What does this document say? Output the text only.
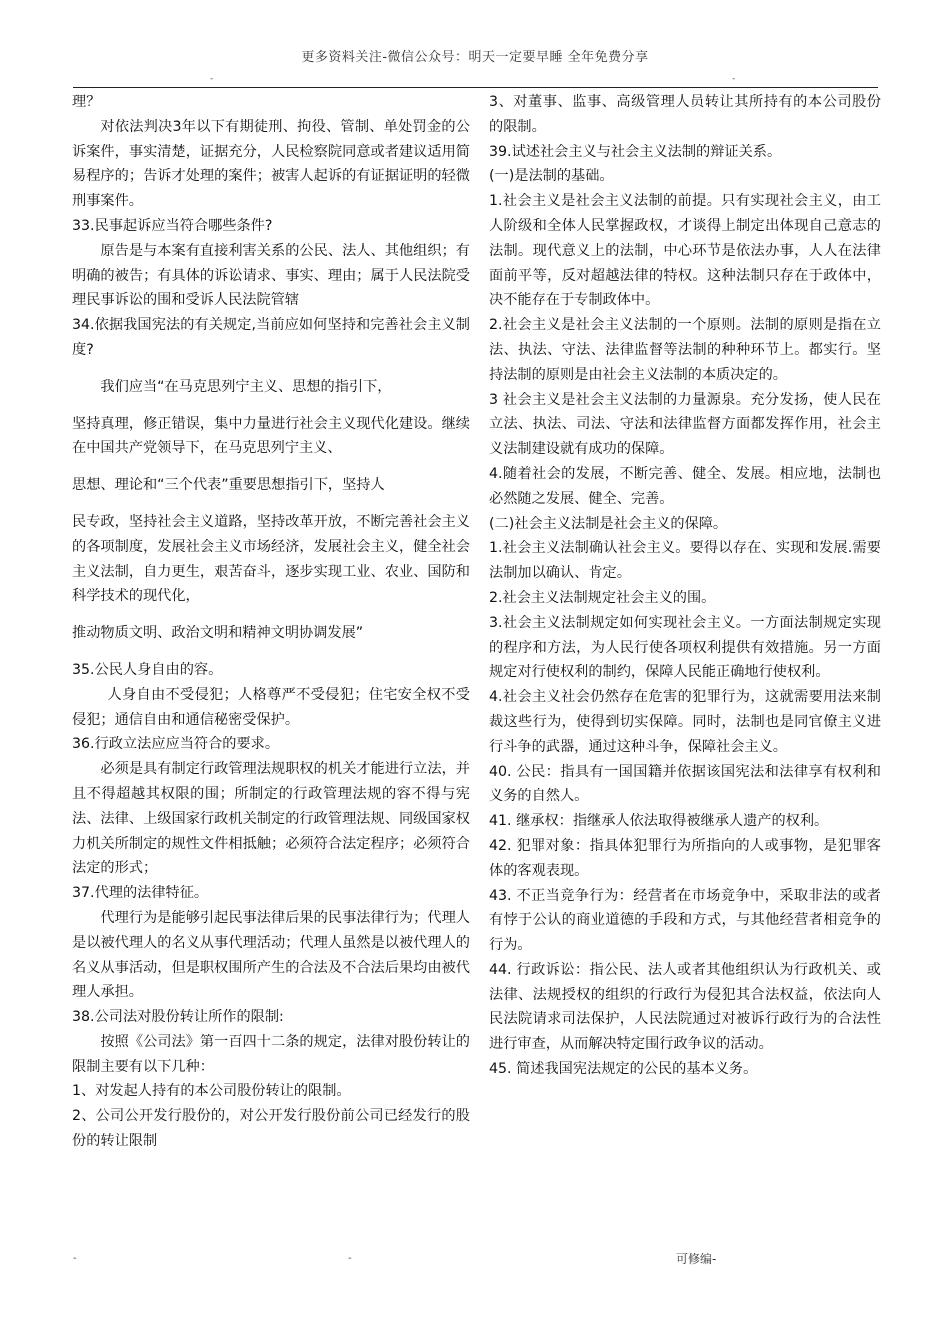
更多资料关注-微信公众号：明天一定要早睡 全年免费分享
-	-

理？

对依法判决3年以下有期徒刑、拘役、管制、单处罚金的公诉案件，事实清楚，证据充分，人民检察院同意或者建议适用简易程序的；告诉才处理的案件；被害人起诉的有证据证明的轻微刑事案件。

33.民事起诉应当符合哪些条件?

原告是与本案有直接利害关系的公民、法人、其他组织；有明确的被告；有具体的诉讼请求、事实、理由；属于人民法院受理民事诉讼的围和受诉人民法院管辖

34.依据我国宪法的有关规定,当前应如何坚持和完善社会主义制度?

我们应当“在马克思列宁主义、思想的指引下，

坚持真理，修正错误，集中力量进行社会主义现代化建设。继续在中国共产党领导下，在马克思列宁主义、

思想、理论和“三个代表”重要思想指引下，坚持人

民专政，坚持社会主义道路，坚持改革开放，不断完善社会主义的各项制度，发展社会主义市场经济，发展社会主义，健全社会主义法制，自力更生，艰苦奋斗，逐步实现工业、农业、国防和科学技术的现代化，

推动物质文明、政治文明和精神文明协调发展”

35.公民人身自由的容。

人身自由不受侵犯；人格尊严不受侵犯；住宅安全权不受侵犯；通信自由和通信秘密受保护。

36.行政立法应应当符合的要求。

必须是具有制定行政管理法规职权的机关才能进行立法，并且不得超越其权限的围；所制定的行政管理法规的容不得与宪法、法律、上级国家行政机关制定的行政管理法规、同级国家权力机关所制定的规性文件相抵触；必须符合法定程序；必须符合法定的形式；

37.代理的法律特征。

代理行为是能够引起民事法律后果的民事法律行为；代理人是以被代理人的名义从事代理活动；代理人虽然是以被代理人的名义从事活动，但是职权围所产生的合法及不合法后果均由被代理人承担。

38.公司法对股份转让所作的限制:

按照《公司法》第一百四十二条的规定，法律对股份转让的限制主要有以下几种：

1、对发起人持有的本公司股份转让的限制。

2、公司公开发行股份的，对公开发行股份前公司已经发行的股份的转让限制

3、对董事、监事、高级管理人员转让其所持有的本公司股份的限制。

39.试述社会主义与社会主义法制的辩证关系。

(一)是法制的基础。

1.社会主义是社会主义法制的前提。只有实现社会主义，由工人阶级和全体人民掌握政权，才谈得上制定出体现自己意志的法制。现代意义上的法制，中心环节是依法办事，人人在法律面前平等，反对超越法律的特权。这种法制只存在于政体中，决不能存在于专制政体中。

2.社会主义是社会主义法制的一个原则。法制的原则是指在立法、执法、守法、法律监督等法制的种种环节上。都实行。坚持法制的原则是由社会主义法制的本质决定的。

3 社会主义是社会主义法制的力量源泉。充分发扬，使人民在立法、执法、司法、守法和法律监督方面都发挥作用，社会主义法制建设就有成功的保障。

4.随着社会的发展，不断完善、健全、发展。相应地，法制也必然随之发展、健全、完善。

(二)社会主义法制是社会主义的保障。

1.社会主义法制确认社会主义。要得以存在、实现和发展.需要法制加以确认、肯定。

2.社会主义法制规定社会主义的围。

3.社会主义法制规定如何实现社会主义。一方面法制规定实现的程序和方法，为人民行使各项权利提供有效措施。另一方面规定对行使权利的制约，保障人民能正确地行使权利。

4.社会主义社会仍然存在危害的犯罪行为，这就需要用法来制裁这些行为，使得到切实保障。同时，法制也是同官僚主义进行斗争的武器，通过这种斗争，保障社会主义。

40. 公民：指具有一国国籍并依据该国宪法和法律享有权利和义务的自然人。

41. 继承权：指继承人依法取得被继承人遗产的权利。

42. 犯罪对象：指具体犯罪行为所指向的人或事物，是犯罪客体的客观表现。

43. 不正当竞争行为：经营者在市场竞争中，采取非法的或者有悖于公认的商业道德的手段和方式，与其他经营者相竞争的行为。

44. 行政诉讼：指公民、法人或者其他组织认为行政机关、或法律、法规授权的组织的行政行为侵犯其合法权益，依法向人民法院请求司法保护，人民法院通过对被诉行政行为的合法性进行审查，从而解决特定围行政争议的活动。

45. 简述我国宪法规定的公民的基本义务。

-	-	可修编-
